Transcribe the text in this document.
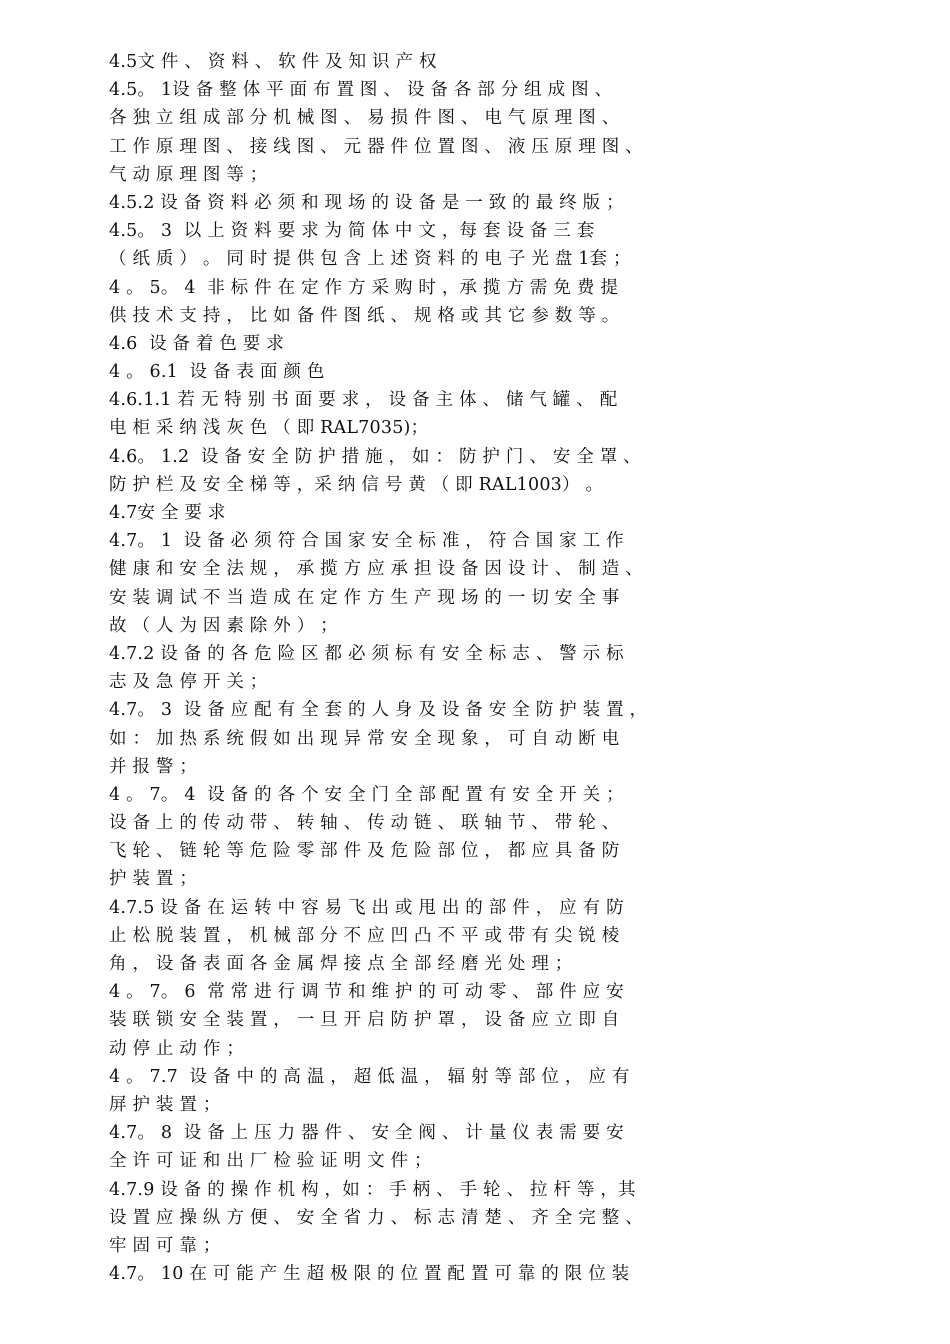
4.5文 件 、 资 料 、 软 件 及 知 识 产 权
4.5。 1设 备 整 体 平 面 布 置 图 、 设 备 各 部 分 组 成 图 、
各 独 立 组 成 部 分 机 械 图 、 易 损 件 图 、 电 气 原 理 图 、
工 作 原 理 图 、 接 线 图 、 元 器 件 位 置 图 、 液 压 原 理 图 、
气 动 原 理 图 等 ；
4.5.2 设 备 资 料 必 须 和 现 场 的 设 备 是 一 致 的 最 终 版 ；
4.5。 3  以 上 资 料 要 求 为 简 体 中 文 ，每 套 设 备 三 套
（ 纸 质 ） 。 同 时 提 供 包 含 上 述 资 料 的 电 子 光 盘 1套 ；
4 。 5。 4  非 标 件 在 定 作 方 采 购 时 ，承 揽 方 需 免 费 提
供 技 术 支 持 ， 比 如 备 件 图 纸 、 规 格 或 其 它 参 数 等 。
4.6  设 备 着 色 要 求
4 。 6.1  设 备 表 面 颜 色
4.6.1.1 若 无 特 别 书 面 要 求 ， 设 备 主 体 、 储 气 罐 、 配
电 柜 采 纳 浅 灰 色 （ 即 RAL7035)；
4.6。 1.2  设 备 安 全 防 护 措 施 ， 如 ： 防 护 门 、 安 全 罩 、
防 护 栏 及 安 全 梯 等 ，采 纳 信 号 黄 （ 即 RAL1003） 。
4.7安 全 要 求
4.7。 1  设 备 必 须 符 合 国 家 安 全 标 准 ， 符 合 国 家 工 作
健 康 和 安 全 法 规 ， 承 揽 方 应 承 担 设 备 因 设 计 、 制 造 、
安 装 调 试 不 当 造 成 在 定 作 方 生 产 现 场 的 一 切 安 全 事
故 （ 人 为 因 素 除 外 ） ；
4.7.2 设 备 的 各 危 险 区 都 必 须 标 有 安 全 标 志 、 警 示 标
志 及 急 停 开 关 ；
4.7。 3  设 备 应 配 有 全 套 的 人 身 及 设 备 安 全 防 护 装 置 ，
如 ： 加 热 系 统 假 如 出 现 异 常 安 全 现 象 ， 可 自 动 断 电
并 报 警 ；
4 。 7。 4  设 备 的 各 个 安 全 门 全 部 配 置 有 安 全 开 关 ；
设 备 上 的 传 动 带 、 转 轴 、 传 动 链 、 联 轴 节 、 带 轮 、
飞 轮 、 链 轮 等 危 险 零 部 件 及 危 险 部 位 ， 都 应 具 备 防
护 装 置 ；
4.7.5 设 备 在 运 转 中 容 易 飞 出 或 甩 出 的 部 件 ， 应 有 防
止 松 脱 装 置 ， 机 械 部 分 不 应 凹 凸 不 平 或 带 有 尖 锐 棱
角 ， 设 备 表 面 各 金 属 焊 接 点 全 部 经 磨 光 处 理 ；
4 。 7。 6  常 常 进 行 调 节 和 维 护 的 可 动 零 、 部 件 应 安
装 联 锁 安 全 装 置 ， 一 旦 开 启 防 护 罩 ， 设 备 应 立 即 自
动 停 止 动 作 ；
4 。 7.7  设 备 中 的 高 温 ， 超 低 温 ， 辐 射 等 部 位 ， 应 有
屏 护 装 置 ；
4.7。 8  设 备 上 压 力 器 件 、 安 全 阀 、 计 量 仪 表 需 要 安
全 许 可 证 和 出 厂 检 验 证 明 文 件 ；
4.7.9 设 备 的 操 作 机 构 ，如 ： 手 柄 、 手 轮 、 拉 杆 等 ，其
设 置 应 操 纵 方 便 、 安 全 省 力 、 标 志 清 楚 、 齐 全 完 整 、
牢 固 可 靠 ；
4.7。 10 在 可 能 产 生 超 极 限 的 位 置 配 置 可 靠 的 限 位 装
